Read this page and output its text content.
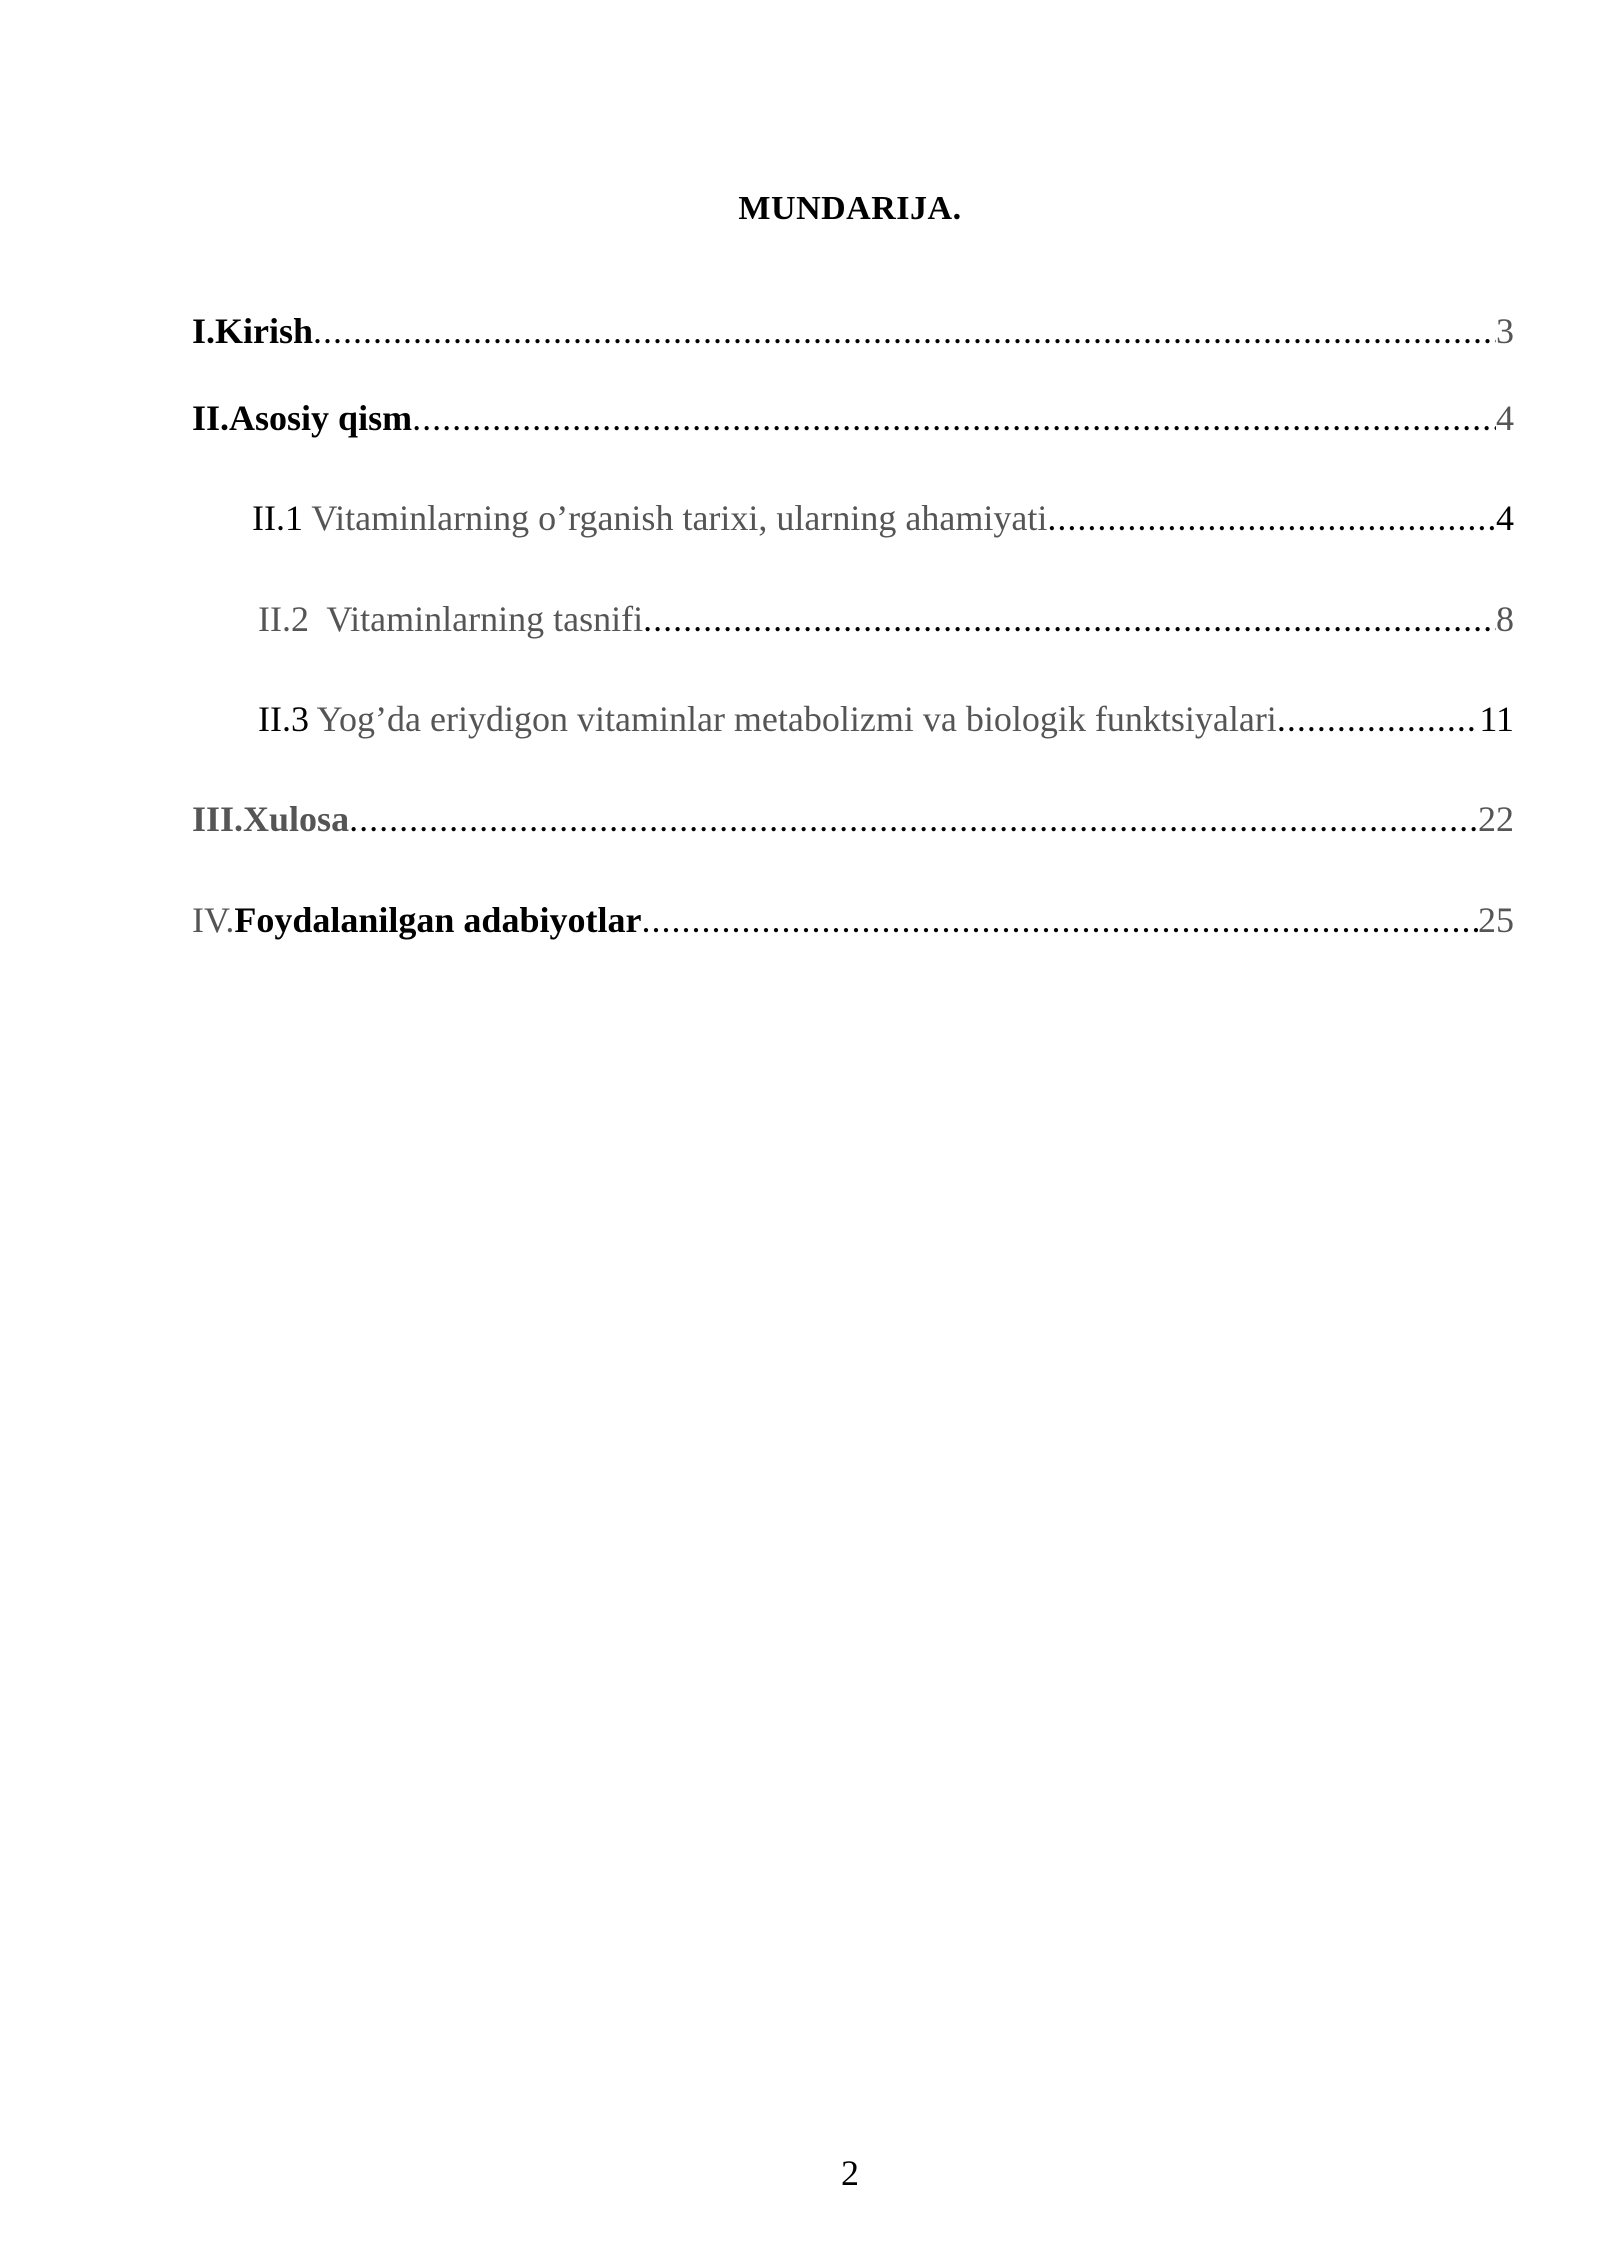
MUNDARIJA.
I.Kirish .....	3
II.Asosiy qism .....	4
II.1 Vitaminlarning o’rganish tarixi, ularning ahamiyati .....	4
II.2  Vitaminlarning tasnifi .....	8
II.3 Yog’da eriydigon vitaminlar metabolizmi va biologik funktsiyalari .....	11
III.Xulosa .....	22
IV.Foydalanilgan adabiyotlar .....	25
2
